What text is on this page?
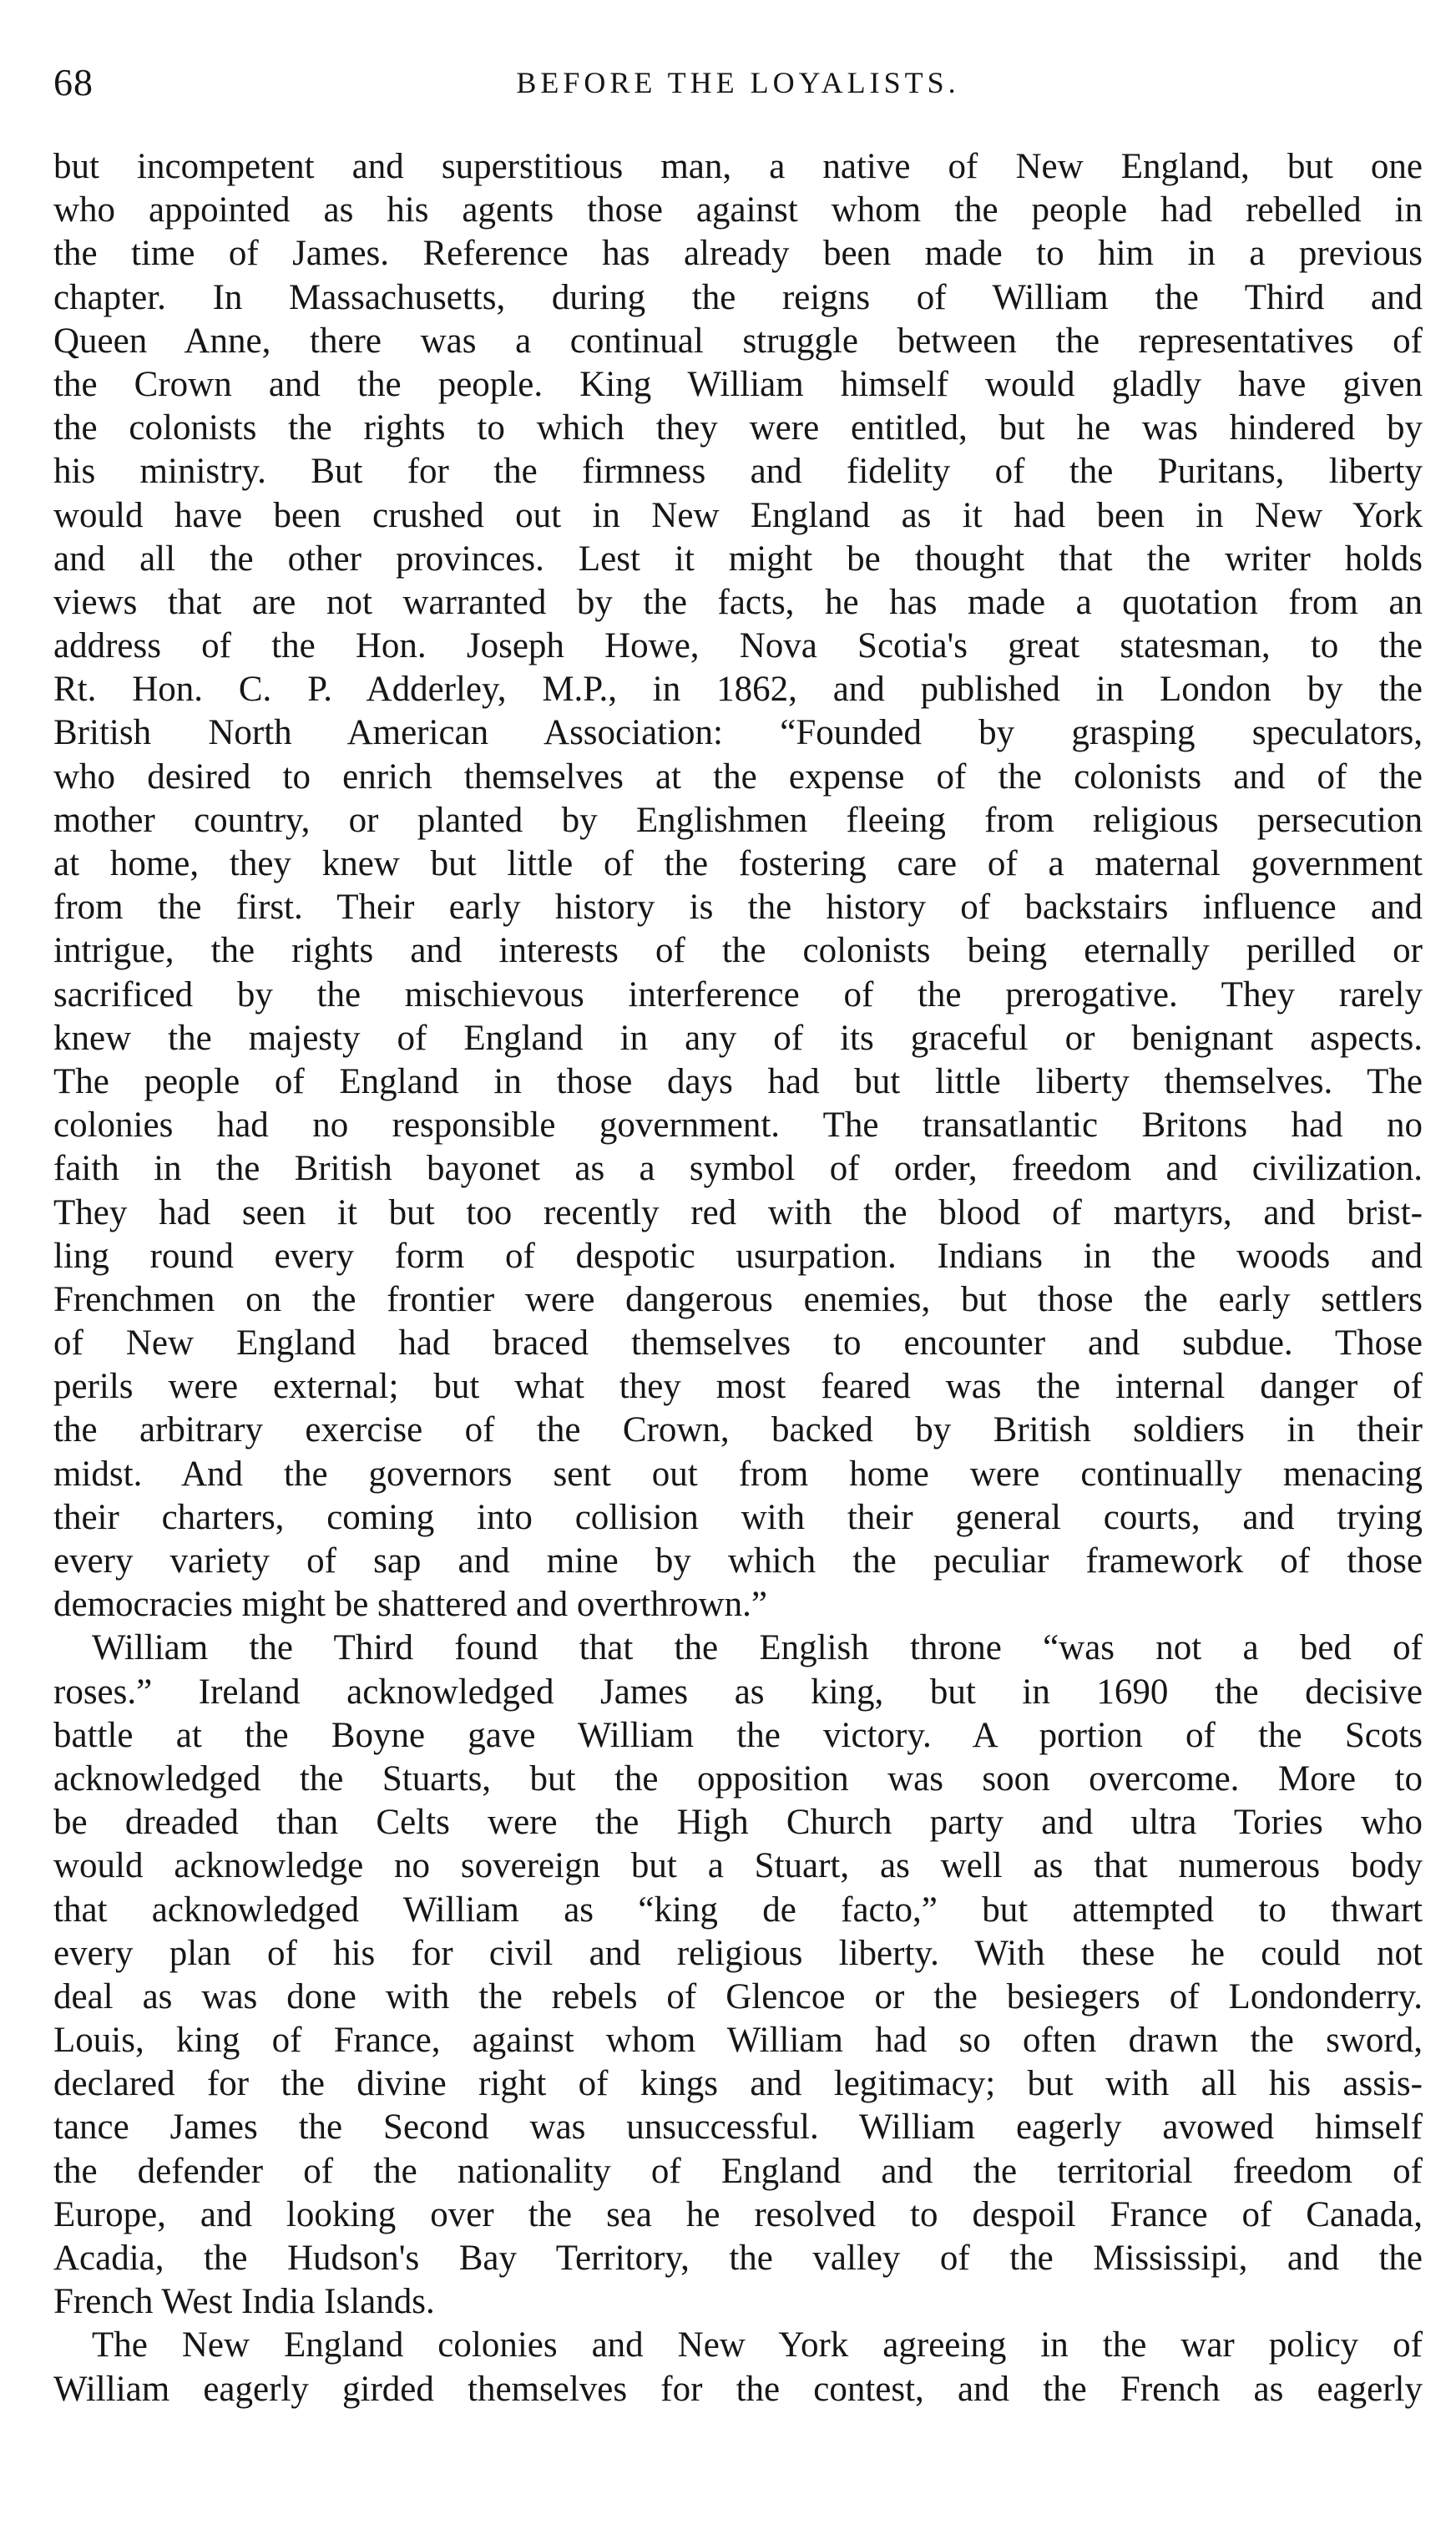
68	BEFORE THE LOYALISTS.
but incompetent and superstitious man, a native of New England, but one
who appointed as his agents those against whom the people had rebelled in
the time of James. Reference has already been made to him in a previous
chapter. In Massachusetts, during the reigns of William the Third and
Queen Anne, there was a continual struggle between the representatives of
the Crown and the people. King William himself would gladly have given
the colonists the rights to which they were entitled, but he was hindered by
his ministry. But for the firmness and fidelity of the Puritans, liberty
would have been crushed out in New England as it had been in New York
and all the other provinces. Lest it might be thought that the writer holds
views that are not warranted by the facts, he has made a quotation from an
address of the Hon. Joseph Howe, Nova Scotia's great statesman, to the
Rt. Hon. C. P. Adderley, M.P., in 1862, and published in London by the
British North American Association: “Founded by grasping speculators,
who desired to enrich themselves at the expense of the colonists and of the
mother country, or planted by Englishmen fleeing from religious persecution
at home, they knew but little of the fostering care of a maternal government
from the first. Their early history is the history of backstairs influence and
intrigue, the rights and interests of the colonists being eternally perilled or
sacrificed by the mischievous interference of the prerogative. They rarely
knew the majesty of England in any of its graceful or benignant aspects.
The people of England in those days had but little liberty themselves. The
colonies had no responsible government. The transatlantic Britons had no
faith in the British bayonet as a symbol of order, freedom and civilization.
They had seen it but too recently red with the blood of martyrs, and brist-
ling round every form of despotic usurpation. Indians in the woods and
Frenchmen on the frontier were dangerous enemies, but those the early settlers
of New England had braced themselves to encounter and subdue. Those
perils were external; but what they most feared was the internal danger of
the arbitrary exercise of the Crown, backed by British soldiers in their
midst. And the governors sent out from home were continually menacing
their charters, coming into collision with their general courts, and trying
every variety of sap and mine by which the peculiar framework of those
democracies might be shattered and overthrown.”
William the Third found that the English throne “was not a bed of
roses.” Ireland acknowledged James as king, but in 1690 the decisive
battle at the Boyne gave William the victory. A portion of the Scots
acknowledged the Stuarts, but the opposition was soon overcome. More to
be dreaded than Celts were the High Church party and ultra Tories who
would acknowledge no sovereign but a Stuart, as well as that numerous body
that acknowledged William as “king de facto,” but attempted to thwart
every plan of his for civil and religious liberty. With these he could not
deal as was done with the rebels of Glencoe or the besiegers of Londonderry.
Louis, king of France, against whom William had so often drawn the sword,
declared for the divine right of kings and legitimacy; but with all his assis-
tance James the Second was unsuccessful. William eagerly avowed himself
the defender of the nationality of England and the territorial freedom of
Europe, and looking over the sea he resolved to despoil France of Canada,
Acadia, the Hudson's Bay Territory, the valley of the Mississipi, and the
French West India Islands.
The New England colonies and New York agreeing in the war policy of
William eagerly girded themselves for the contest, and the French as eagerly
